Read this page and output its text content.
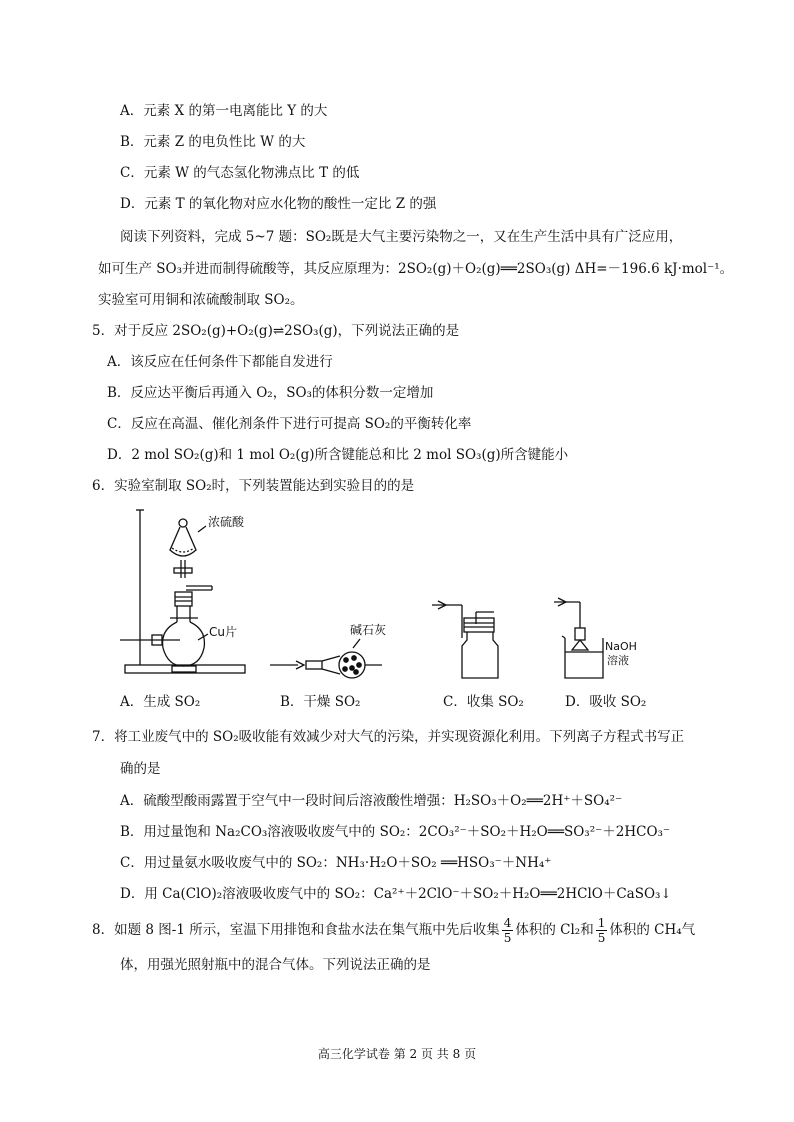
A．元素 X 的第一电离能比 Y 的大
B．元素 Z 的电负性比 W 的大
C．元素 W 的气态氢化物沸点比 T 的低
D．元素 T 的氧化物对应水化物的酸性一定比 Z 的强
阅读下列资料，完成 5~7 题：SO₂既是大气主要污染物之一，又在生产生活中具有广泛应用，
如可生产 SO₃并进而制得硫酸等，其反应原理为：2SO₂(g)＋O₂(g)══2SO₃(g) ΔH=－196.6 kJ·mol⁻¹。
实验室可用铜和浓硫酸制取 SO₂。
5．对于反应 2SO₂(g)+O₂(g)⇌2SO₃(g)，下列说法正确的是
A．该反应在任何条件下都能自发进行
B．反应达平衡后再通入 O₂，SO₃的体积分数一定增加
C．反应在高温、催化剂条件下进行可提高 SO₂的平衡转化率
D．2 mol SO₂(g)和 1 mol O₂(g)所含键能总和比 2 mol SO₃(g)所含键能小
6．实验室制取 SO₂时，下列装置能达到实验目的的是
浓硫酸
Cu片	碱石灰
NaOH
溶液
A．生成 SO₂	B．干燥 SO₂	C．收集 SO₂	D．吸收 SO₂
7．将工业废气中的 SO₂吸收能有效减少对大气的污染，并实现资源化利用。下列离子方程式书写正
确的是
A．硫酸型酸雨露置于空气中一段时间后溶液酸性增强：H₂SO₃＋O₂══2H⁺＋SO₄²⁻
B．用过量饱和 Na₂CO₃溶液吸收废气中的 SO₂：2CO₃²⁻＋SO₂＋H₂O══SO₃²⁻＋2HCO₃⁻
C．用过量氨水吸收废气中的 SO₂：NH₃·H₂O＋SO₂ ══HSO₃⁻＋NH₄⁺
D．用 Ca(ClO)₂溶液吸收废气中的 SO₂：Ca²⁺＋2ClO⁻＋SO₂＋H₂O══2HClO＋CaSO₃↓
8．如题 8 图-1 所示，室温下用排饱和食盐水法在集气瓶中先后收集 $\frac{4}{5}$ 体积的 Cl₂和 $\frac{1}{5}$ 体积的 CH₄气
体，用强光照射瓶中的混合气体。下列说法正确的是
高三化学试卷 第 2 页 共 8 页
